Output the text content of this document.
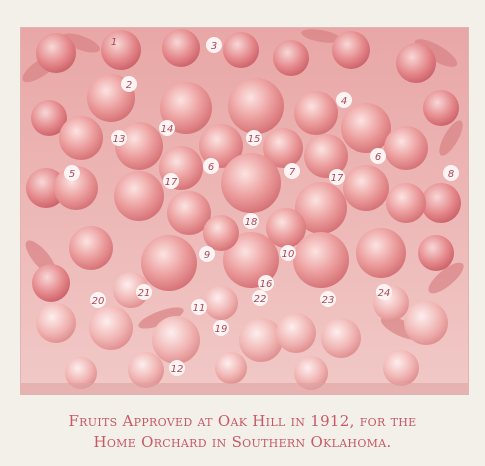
3
2
4
13
14
15
6
6
5	8
7
17	17
18
9	10
20
21
11
22	23
24
12
1
16
19
Fruits Approved at Oak Hill in 1912, for the
Home Orchard in Southern Oklahoma.
